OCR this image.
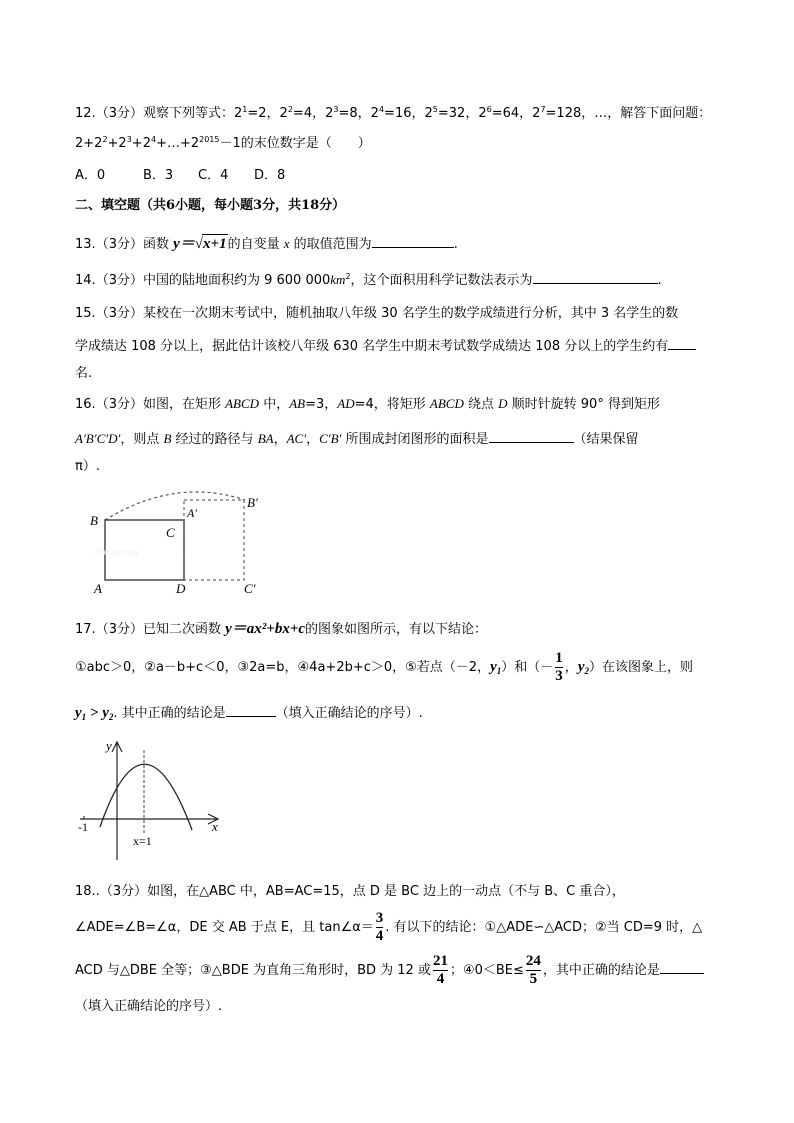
12.（3分）观察下列等式：$2^1=2$，$2^2=4$，$2^3=8$，$2^4=16$，$2^5=32$，$2^6=64$，$2^7=128$，…，解答下面问题：
$2+2^2+2^3+2^4+\dots+2^{2015}-1$的末位数字是（　　）
A．0	B．3	C．4	D．8
二、填空题（共6小题，每小题3分，共18分）
13.（3分）函数 y＝√x+1的自变量 x 的取值范围为	.
14.（3分）中国的陆地面积约为 9 600 $000km^2$，这个面积用科学记数法表示为	.
15.（3分）某校在一次期末考试中，随机抽取八年级 30 名学生的数学成绩进行分析，其中 3 名学生的数
学成绩达 108 分以上，据此估计该校八年级 630 名学生中期末考试数学成绩达 108 分以上的学生约有
名.
16.（3分）如图，在矩形 ABCD 中，AB=3，AD=4，将矩形 ABCD 绕点 D 顺时针旋转 90° 得到矩形
A′B′C′D′，则点 B 经过的路径与 BA，AC′，C′B′ 所围成封闭图形的面积是	（结果保留
π）.
B
C
A′
B′
A	D	C′
Jyeoo.com
17.（3分）已知二次函数 y＝ax²+bx+c的图象如图所示，有以下结论：
①abc＞0，②a－b+c＜0，③2a=b，④4a+2b+c＞0，⑤若点（－2，$y_1$）和（－ $\frac{1}{3}$ ，$y_2$）在该图象上，则
$y_1 > y_2$. 其中正确的结论是	（填入正确结论的序号）.
y
x
-1
x=1
18..（3分）如图，在△ABC 中，AB=AC=15，点 D 是 BC 边上的一动点（不与 B、C 重合），
∠ADE=∠B=∠α，DE 交 AB 于点 E，且 tan∠α＝ $\frac{3}{4}$ . 有以下的结论：①△ADE∽△ACD；②当 CD=9 时，△
ACD 与△DBE 全等；③△BDE 为直角三角形时，BD 为 12 或 $\frac{21}{4}$ ；④0＜BE≤ $\frac{24}{5}$ ，其中正确的结论是
（填入正确结论的序号）.
